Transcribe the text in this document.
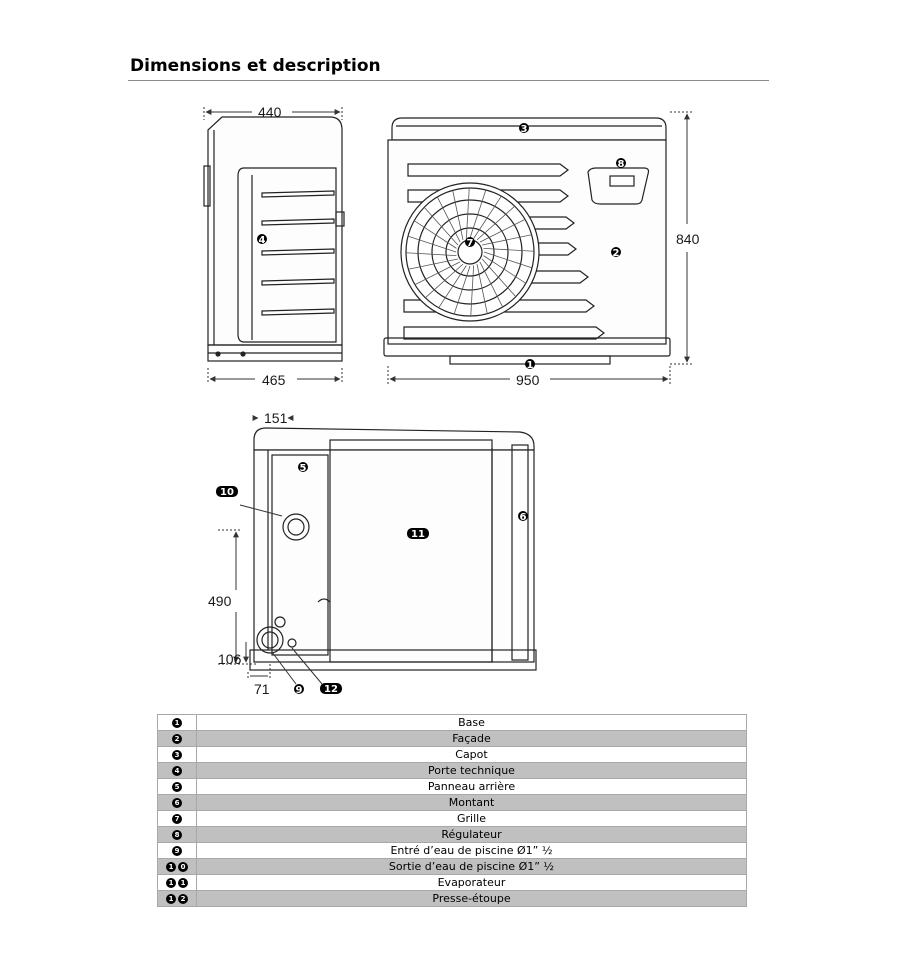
Dimensions et description
440
465	950
840
151
490
106
71
1
2
3
4
5
6
7
8
9
10
11
12
1	Base
2	Façade
3	Capot
4	Porte technique
5	Panneau arrière
6	Montant
7	Grille
8	Régulateur
9	Entré d’eau de piscine Ø1” ½
1 0	Sortie d’eau de piscine Ø1” ½
1 1	Evaporateur
1 2	Presse-étoupe
